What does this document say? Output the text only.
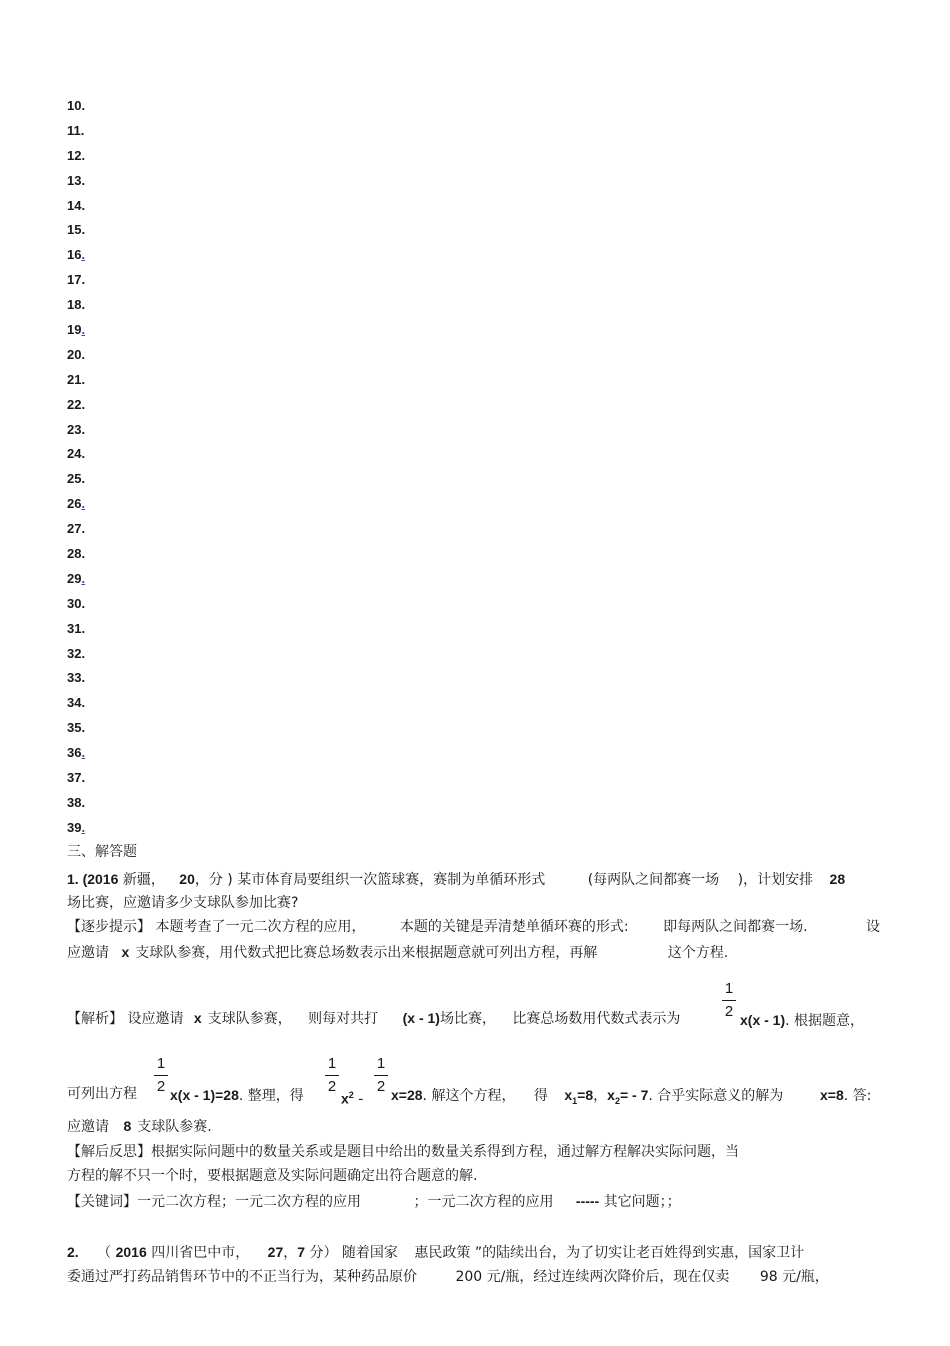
10.
11.
12.
13.
14.
15.
16.
17.
18.
19.
20.
21.
22.
23.
24.
25.
26.
27.
28.
29.
30.
31.
32.
33.
34.
35.
36.
37.
38.
39.
三、解答题
1. (2016 新疆， 20，分 ) 某市体育局要组织一次篮球赛，赛制为单循环形式	(每两队之间都赛一场 )，计划安排 28
场比赛，应邀请多少支球队参加比赛?
【逐步提示】 本题考查了一元二次方程的应用， 本题的关键是弄清楚单循环赛的形式: 即每两队之间都赛一场.	设
应邀请 x 支球队参赛，用代数式把比赛总场数表示出来根据题意就可列出方程，再解	这个方程.
1
2
【解析】 设应邀请 x 支球队参赛， 则每对共打 (x - 1)场比赛， 比赛总场数用代数式表示为	x(x - 1). 根据题意，
1
2
1
2
1
2
可列出方程 x(x - 1)=28. 整理，得	$x^2 - x=28$. 解这个方程， 得 $x_1=8$，$x_2= - 7$. 合乎实际意义的解为	x=8. 答:
应邀请 8 支球队参赛.
【解后反思】根据实际问题中的数量关系或是题目中给出的数量关系得到方程，通过解方程解决实际问题，当
方程的解不只一个时，要根据题意及实际问题确定出符合题意的解.
【关键词】一元二次方程；一元二次方程的应用	；一元二次方程的应用 ----- 其它问题；；
2. （ 2016 四川省巴中市， 27，7 分） 随着国家 惠民政策 ”的陆续出台，为了切实让老百姓得到实惠，国家卫计
委通过严打药品销售环节中的不正当行为，某种药品原价	200 元/瓶，经过连续两次降价后，现在仅卖 98 元/瓶，
